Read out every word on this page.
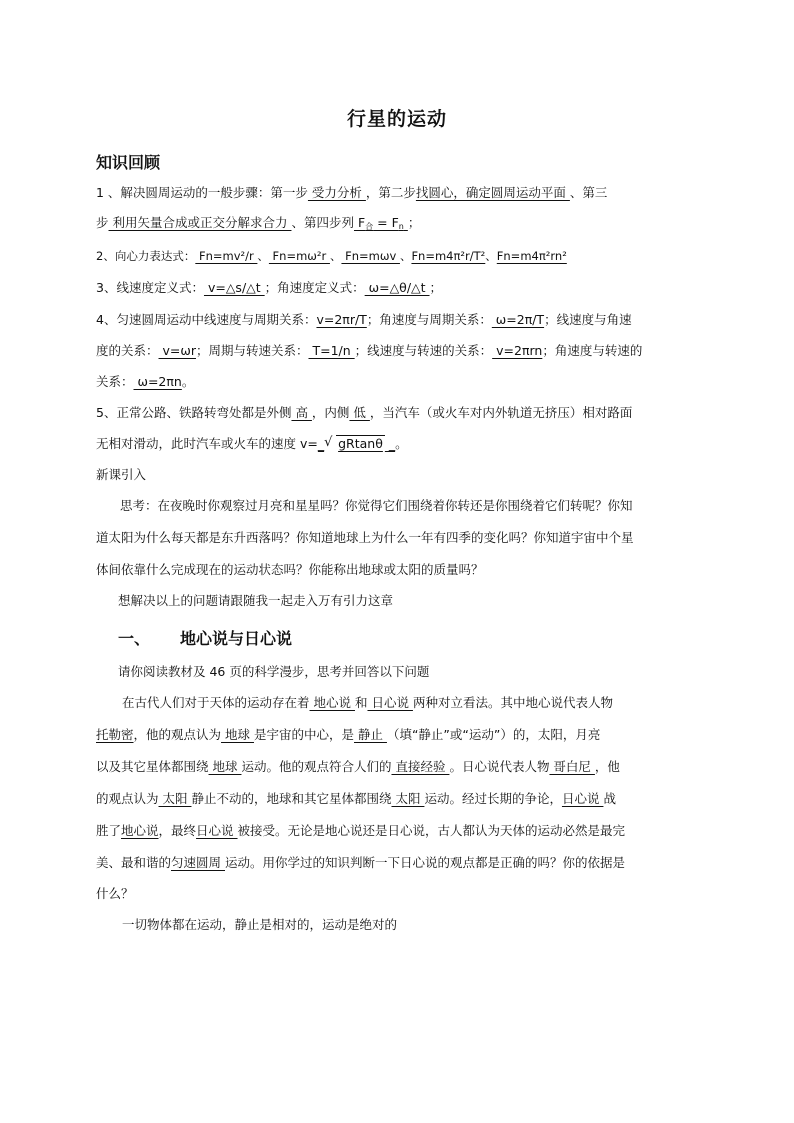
行星的运动
知识回顾
1 、解决圆周运动的一般步骤：第一步 受力分析 ，第二步找圆心，确定圆周运动平面 、第三
步 利用矢量合成或正交分解求合力 、第四步列 $F_合 = F_n$ ；
2、向心力表达式： Fn=mv²/r 、 Fn=mω²r 、 Fn=mωv 、Fn=m4π²r/T²、Fn=m4π²rn²
3、线速度定义式： v=△s/△t ；角速度定义式： ω=△θ/△t ；
4、匀速圆周运动中线速度与周期关系：v=2πr/T；角速度与周期关系： ω=2π/T；线速度与角速
度的关系： v=ωr；周期与转速关系： T=1/n ；线速度与转速的关系： v=2πrn；角速度与转速的
关系： ω=2πn。
5、正常公路、铁路转弯处都是外侧 高 ，内侧 低 ，当汽车（或火车对内外轨道无挤压）相对路面
无相对滑动，此时汽车或火车的速度 v=_ √ gRtanθ _。
新课引入
思考：在夜晚时你观察过月亮和星星吗？你觉得它们围绕着你转还是你围绕着它们转呢？你知
道太阳为什么每天都是东升西落吗？你知道地球上为什么一年有四季的变化吗？你知道宇宙中个星
体间依靠什么完成现在的运动状态吗？你能称出地球或太阳的质量吗？
想解决以上的问题请跟随我一起走入万有引力这章
一、 地心说与日心说
请你阅读教材及 46 页的科学漫步，思考并回答以下问题
在古代人们对于天体的运动存在着 地心说 和 日心说 两种对立看法。其中地心说代表人物
托勒密，他的观点认为 地球 是宇宙的中心，是 静止 （填“静止”或“运动”）的，太阳，月亮
以及其它星体都围绕 地球 运动。他的观点符合人们的 直接经验 。日心说代表人物 哥白尼 ，他
的观点认为 太阳 静止不动的，地球和其它星体都围绕 太阳 运动。经过长期的争论，日心说 战
胜了地心说，最终日心说 被接受。无论是地心说还是日心说，古人都认为天体的运动必然是最完
美、最和谐的匀速圆周 运动。用你学过的知识判断一下日心说的观点都是正确的吗？你的依据是
什么？
一切物体都在运动，静止是相对的，运动是绝对的
